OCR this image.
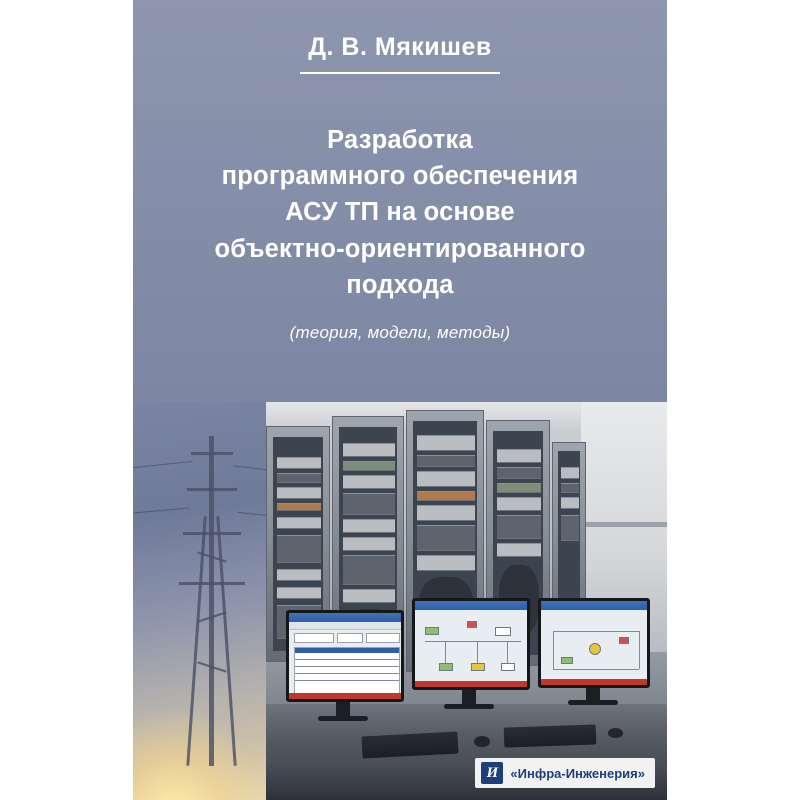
Д. В. Мякишев
Разработка
программного обеспечения
АСУ ТП на основе
объектно-ориентированного
подхода
(теория, модели, методы)
И «Инфра-Инженерия»
